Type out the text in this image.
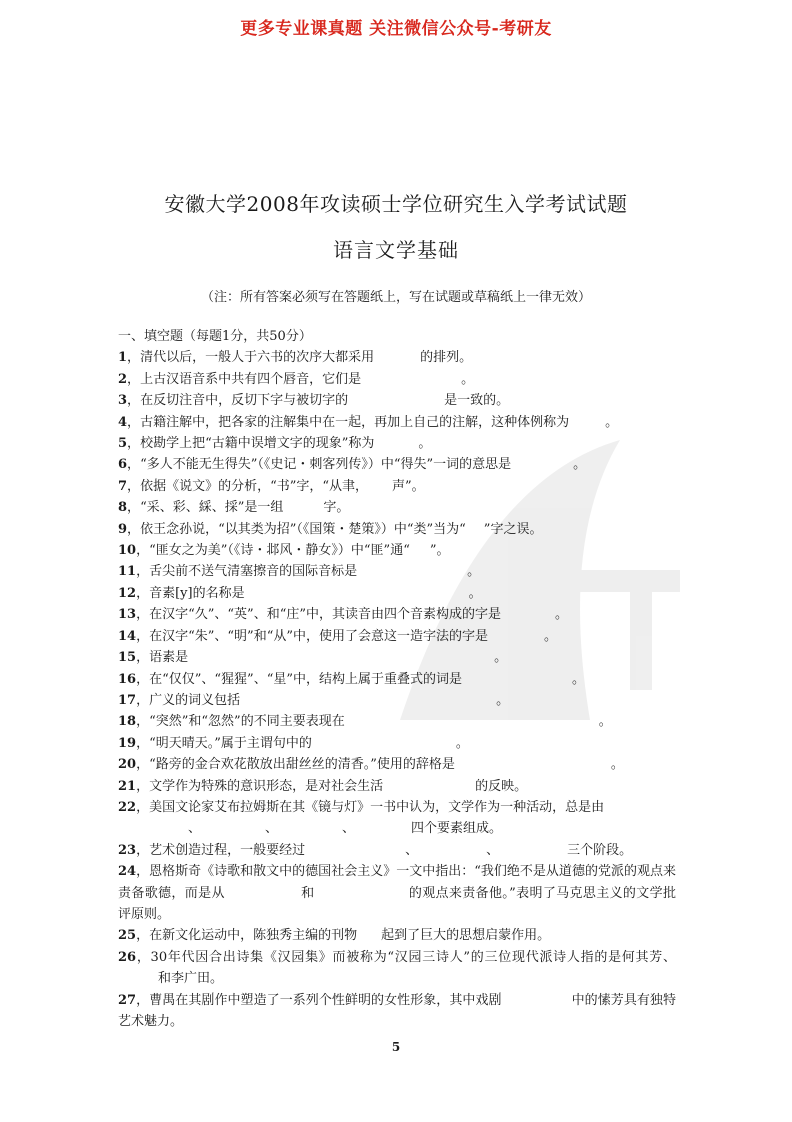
更多专业课真题 关注微信公众号-考研友
安徽大学2008年攻读硕士学位研究生入学考试试题
语言文学基础
（注：所有答案必须写在答题纸上，写在试题或草稿纸上一律无效）
一、填空题（每题1分，共50分）
1，清代以后，一般人于六书的次序大都采用	的排列。
2，上古汉语音系中共有四个唇音，它们是	。
3，在反切注音中，反切下字与被切字的	是一致的。
4，古籍注解中，把各家的注解集中在一起，再加上自己的注解，这种体例称为	。
5，校勘学上把“古籍中误增文字的现象”称为	。
6，“多人不能无生得失”（《史记・刺客列传》）中“得失”一词的意思是	。
7，依据《说文》的分析，“书”字，“从聿， 声”。
8，“采、彩、綵、採”是一组	字。
9，依王念孙说，“以其类为招”（《国策・楚策》）中“类”当为“ ”字之误。
10，“匪女之为美”（《诗・邶风・静女》）中“匪”通“ ”。
11，舌尖前不送气清塞擦音的国际音标是	。
12，音素[y]的名称是	。
13，在汉字“久”、“英”、和“庄”中，其读音由四个音素构成的字是	。
14，在汉字“朱”、“明”和“从”中，使用了会意这一造字法的字是	。
15，语素是	。
16，在“仅仅”、“猩猩”、“星”中，结构上属于重叠式的词是	。
17，广义的词义包括	。
18，“突然”和“忽然”的不同主要表现在	。
19，“明天晴天。”属于主谓句中的	。
20，“路旁的金合欢花散放出甜丝丝的清香。”使用的辞格是	。
21，文学作为特殊的意识形态，是对社会生活	的反映。
22，美国文论家艾布拉姆斯在其《镜与灯》一书中认为，文学作为一种活动，总是由
、	、	、	四个要素组成。
23，艺术创造过程，一般要经过	、	、	三个阶段。
24，恩格斯奇《诗歌和散文中的德国社会主义》一文中指出：“我们绝不是从道德的党派的观点来责备歌德，而是从	和	的观点来责备他。”表明了马克思主义的文学批评原则。
25，在新文化运动中，陈独秀主编的刊物 起到了巨大的思想启蒙作用。
26，30年代因合出诗集《汉园集》而被称为“汉园三诗人”的三位现代派诗人指的是何其芳、和李广田。
27，曹禺在其剧作中塑造了一系列个性鲜明的女性形象，其中戏剧	中的愫芳具有独特艺术魅力。
5
